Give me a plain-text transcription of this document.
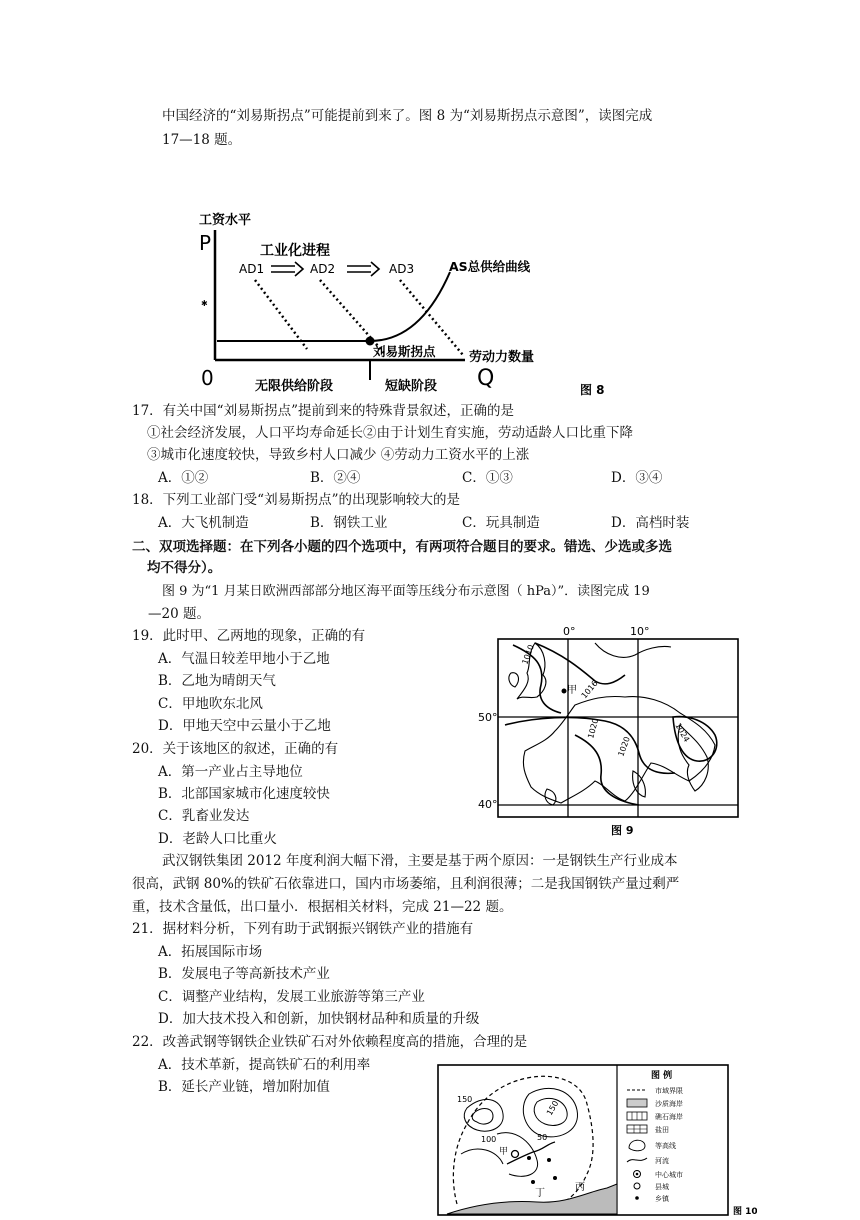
中国经济的“刘易斯拐点”可能提前到来了。图 8 为“刘易斯拐点示意图”，读图完成
17—18 题。
✱
工资水平
P
0	Q
工业化进程
AD1	AD2	AD3	AS总供给曲线
刘易斯拐点	劳动力数量
无限供给阶段	短缺阶段	图 8
17．有关中国“刘易斯拐点”提前到来的特殊背景叙述，正确的是
①社会经济发展，人口平均寿命延长②由于计划生育实施，劳动适龄人口比重下降
③城市化速度较快，导致乡村人口减少 ④劳动力工资水平的上涨
A．①②	B．②④	C．①③	D．③④
18．下列工业部门受“刘易斯拐点”的出现影响较大的是
A．大飞机制造	B．钢铁工业	C．玩具制造	D．高档时装
二、双项选择题：在下列各小题的四个选项中，有两项符合题目的要求。错选、少选或多选
均不得分）。
图 9 为“1 月某日欧洲西部部分地区海平面等压线分布示意图（ hPa）”．读图完成 19
—20 题。
19．此时甲、乙两地的现象，正确的有
A．气温日较差甲地小于乙地
B．乙地为晴朗天气
C．甲地吹东北风
D．甲地天空中云量小于乙地
20．关于该地区的叙述，正确的有
A．第一产业占主导地位
B．北部国家城市化速度较快
C．乳畜业发达
D．老龄人口比重火
0°	10°
50°
40°
1010
1016
1020
1020
1024
甲
图 9
武汉钢铁集团 2012 年度利润大幅下滑，主要是基于两个原因：一是钢铁生产行业成本
很高，武钢 80%的铁矿石依靠进口，国内市场萎缩，且利润很薄；二是我国钢铁产量过剩严
重，技术含量低，出口量小．根据相关材料，完成 21—22 题。
21．据材料分析，下列有助于武钢振兴钢铁产业的措施有
A．拓展国际市场
B．发展电子等高新技术产业
C．调整产业结构，发展工业旅游等第三产业
D．加大技术投入和创新，加快钢材品种和质量的升级
22．改善武钢等钢铁企业铁矿石对外依赖程度高的措施，合理的是
A．技术革新，提高铁矿石的利用率
B．延长产业链，增加附加值
150
100	50
150
甲
丁
丙
图 例
市域界限
沙质海岸
礁石海岸
盐田
等高线
河流
中心城市
县城
乡镇
图 10
